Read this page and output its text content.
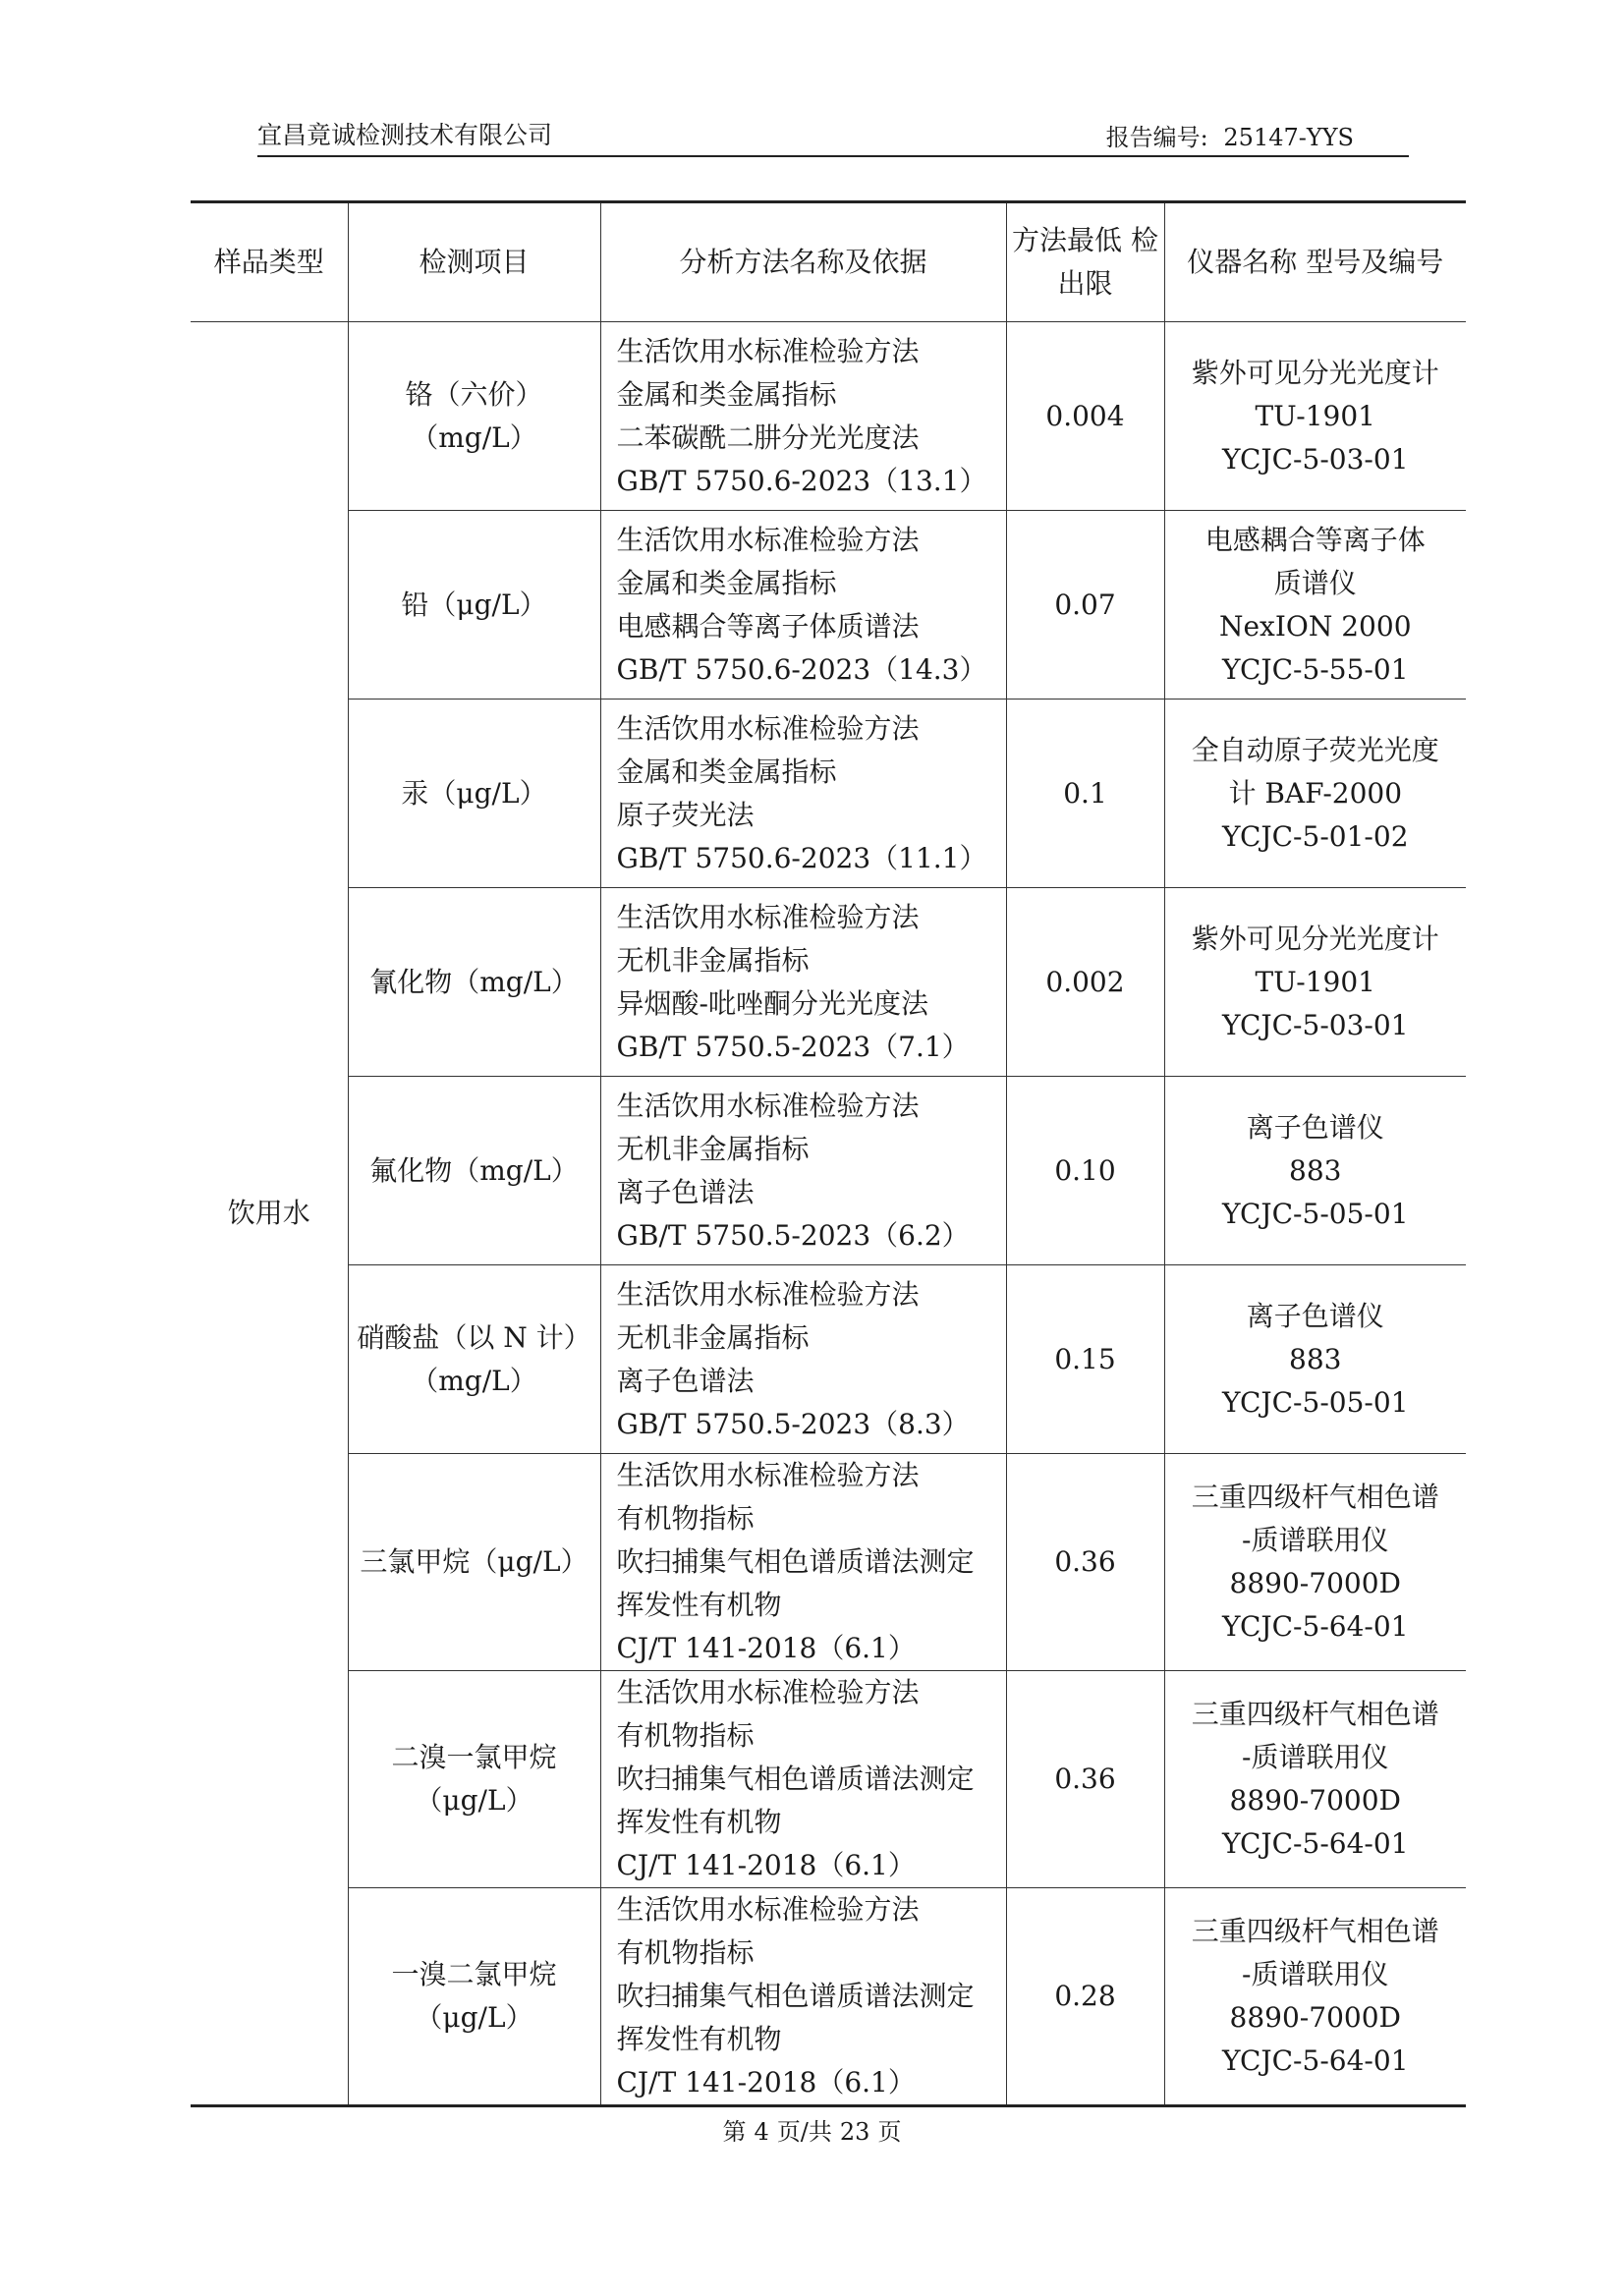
宜昌竟诚检测技术有限公司	报告编号: 25147-YYS
样品类型	检测项目	分析方法名称及依据	方法最低 检出限	仪器名称 型号及编号
饮用水	铬（六价）
（mg/L）	生活饮用水标准检验方法
金属和类金属指标
二苯碳酰二肼分光光度法
GB/T 5750.6-2023（13.1）	0.004	紫外可见分光光度计
TU-1901
YCJC-5-03-01

	铅（μg/L）	生活饮用水标准检验方法
金属和类金属指标
电感耦合等离子体质谱法
GB/T 5750.6-2023（14.3）	0.07	电感耦合等离子体
质谱仪
NexION 2000
YCJC-5-55-01

	汞（μg/L）	生活饮用水标准检验方法
金属和类金属指标
原子荧光法
GB/T 5750.6-2023（11.1）	0.1	全自动原子荧光光度
计 BAF-2000
YCJC-5-01-02

	氰化物（mg/L）	生活饮用水标准检验方法
无机非金属指标
异烟酸-吡唑酮分光光度法
GB/T 5750.5-2023（7.1）	0.002	紫外可见分光光度计
TU-1901
YCJC-5-03-01

	氟化物（mg/L）	生活饮用水标准检验方法
无机非金属指标
离子色谱法
GB/T 5750.5-2023（6.2）	0.10	离子色谱仪
883
YCJC-5-05-01

	硝酸盐（以 N 计）
（mg/L）	生活饮用水标准检验方法
无机非金属指标
离子色谱法
GB/T 5750.5-2023（8.3）	0.15	离子色谱仪
883
YCJC-5-05-01

	三氯甲烷（μg/L）	生活饮用水标准检验方法
有机物指标
吹扫捕集气相色谱质谱法测定
挥发性有机物
CJ/T 141-2018（6.1）	0.36	三重四级杆气相色谱
-质谱联用仪
8890-7000D
YCJC-5-64-01

	二溴一氯甲烷
（μg/L）	生活饮用水标准检验方法
有机物指标
吹扫捕集气相色谱质谱法测定
挥发性有机物
CJ/T 141-2018（6.1）	0.36	三重四级杆气相色谱
-质谱联用仪
8890-7000D
YCJC-5-64-01

	一溴二氯甲烷
（μg/L）	生活饮用水标准检验方法
有机物指标
吹扫捕集气相色谱质谱法测定
挥发性有机物
CJ/T 141-2018（6.1）	0.28	三重四级杆气相色谱
-质谱联用仪
8890-7000D
YCJC-5-64-01
第 4 页/共 23 页
